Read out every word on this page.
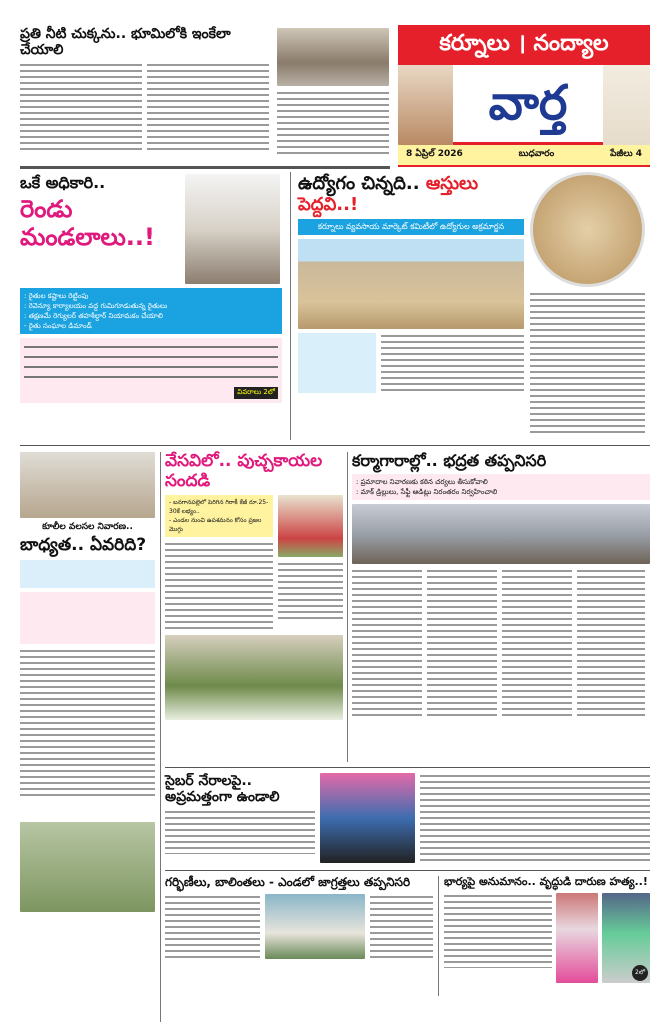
ప్రతి నీటి చుక్కను.. భూమిలోకి ఇంకేలా చేయాలి	కర్నూలు । నంద్యాల
వార్త
8 ఏప్రిల్ 2026	బుధవారం	పేజీలు 4
ఒకే అధికారి..
రెండు మండలాలు..!
: రైతుల కష్టాలు రెట్టింపు
: రెవెన్యూ కార్యాలయం వద్ద గుమిగూడుతున్న రైతులు
: తక్షణమే రెగ్యులర్ తహశీల్దార్ నియామకం చేయాలి
- రైతు సంఘాల డిమాండ్
వివరాలు 2లో
ఉద్యోగం చిన్నది.. ఆస్తులు పెద్దవి..!
కర్నూలు వ్యవసాయ మార్కెట్ కమిటీలో ఉద్యోగుల అక్రమార్జన
కూలీల వలసల నివారణ..
బాధ్యత.. ఏవరిది?
వేసవిలో.. పుచ్చకాయల సందడి
- బనగానపల్లెలో పెరిగిన గిరాకీ కేజీ రూ.25-30కే లభ్యం..
- ఎండల నుంచి ఉపశమనం కోసం ప్రజల మొగ్గు
కర్మాగారాల్లో.. భద్రత తప్పనిసరి
: ప్రమాదాల నివారణకు కఠిన చర్యలు తీసుకోవాలి
: మాక్ డ్రిల్లులు, సేఫ్టీ ఆడిట్లు నిరంతరం నిర్వహించాలి
సైబర్ నేరాలపై.. అప్రమత్తంగా ఉండాలి
గర్భిణీలు, బాలింతలు - ఎండలో జాగ్రత్తలు తప్పనిసరి	భార్యపై అనుమానం.. వృద్ధుడి దారుణ హత్య..!
2లో
